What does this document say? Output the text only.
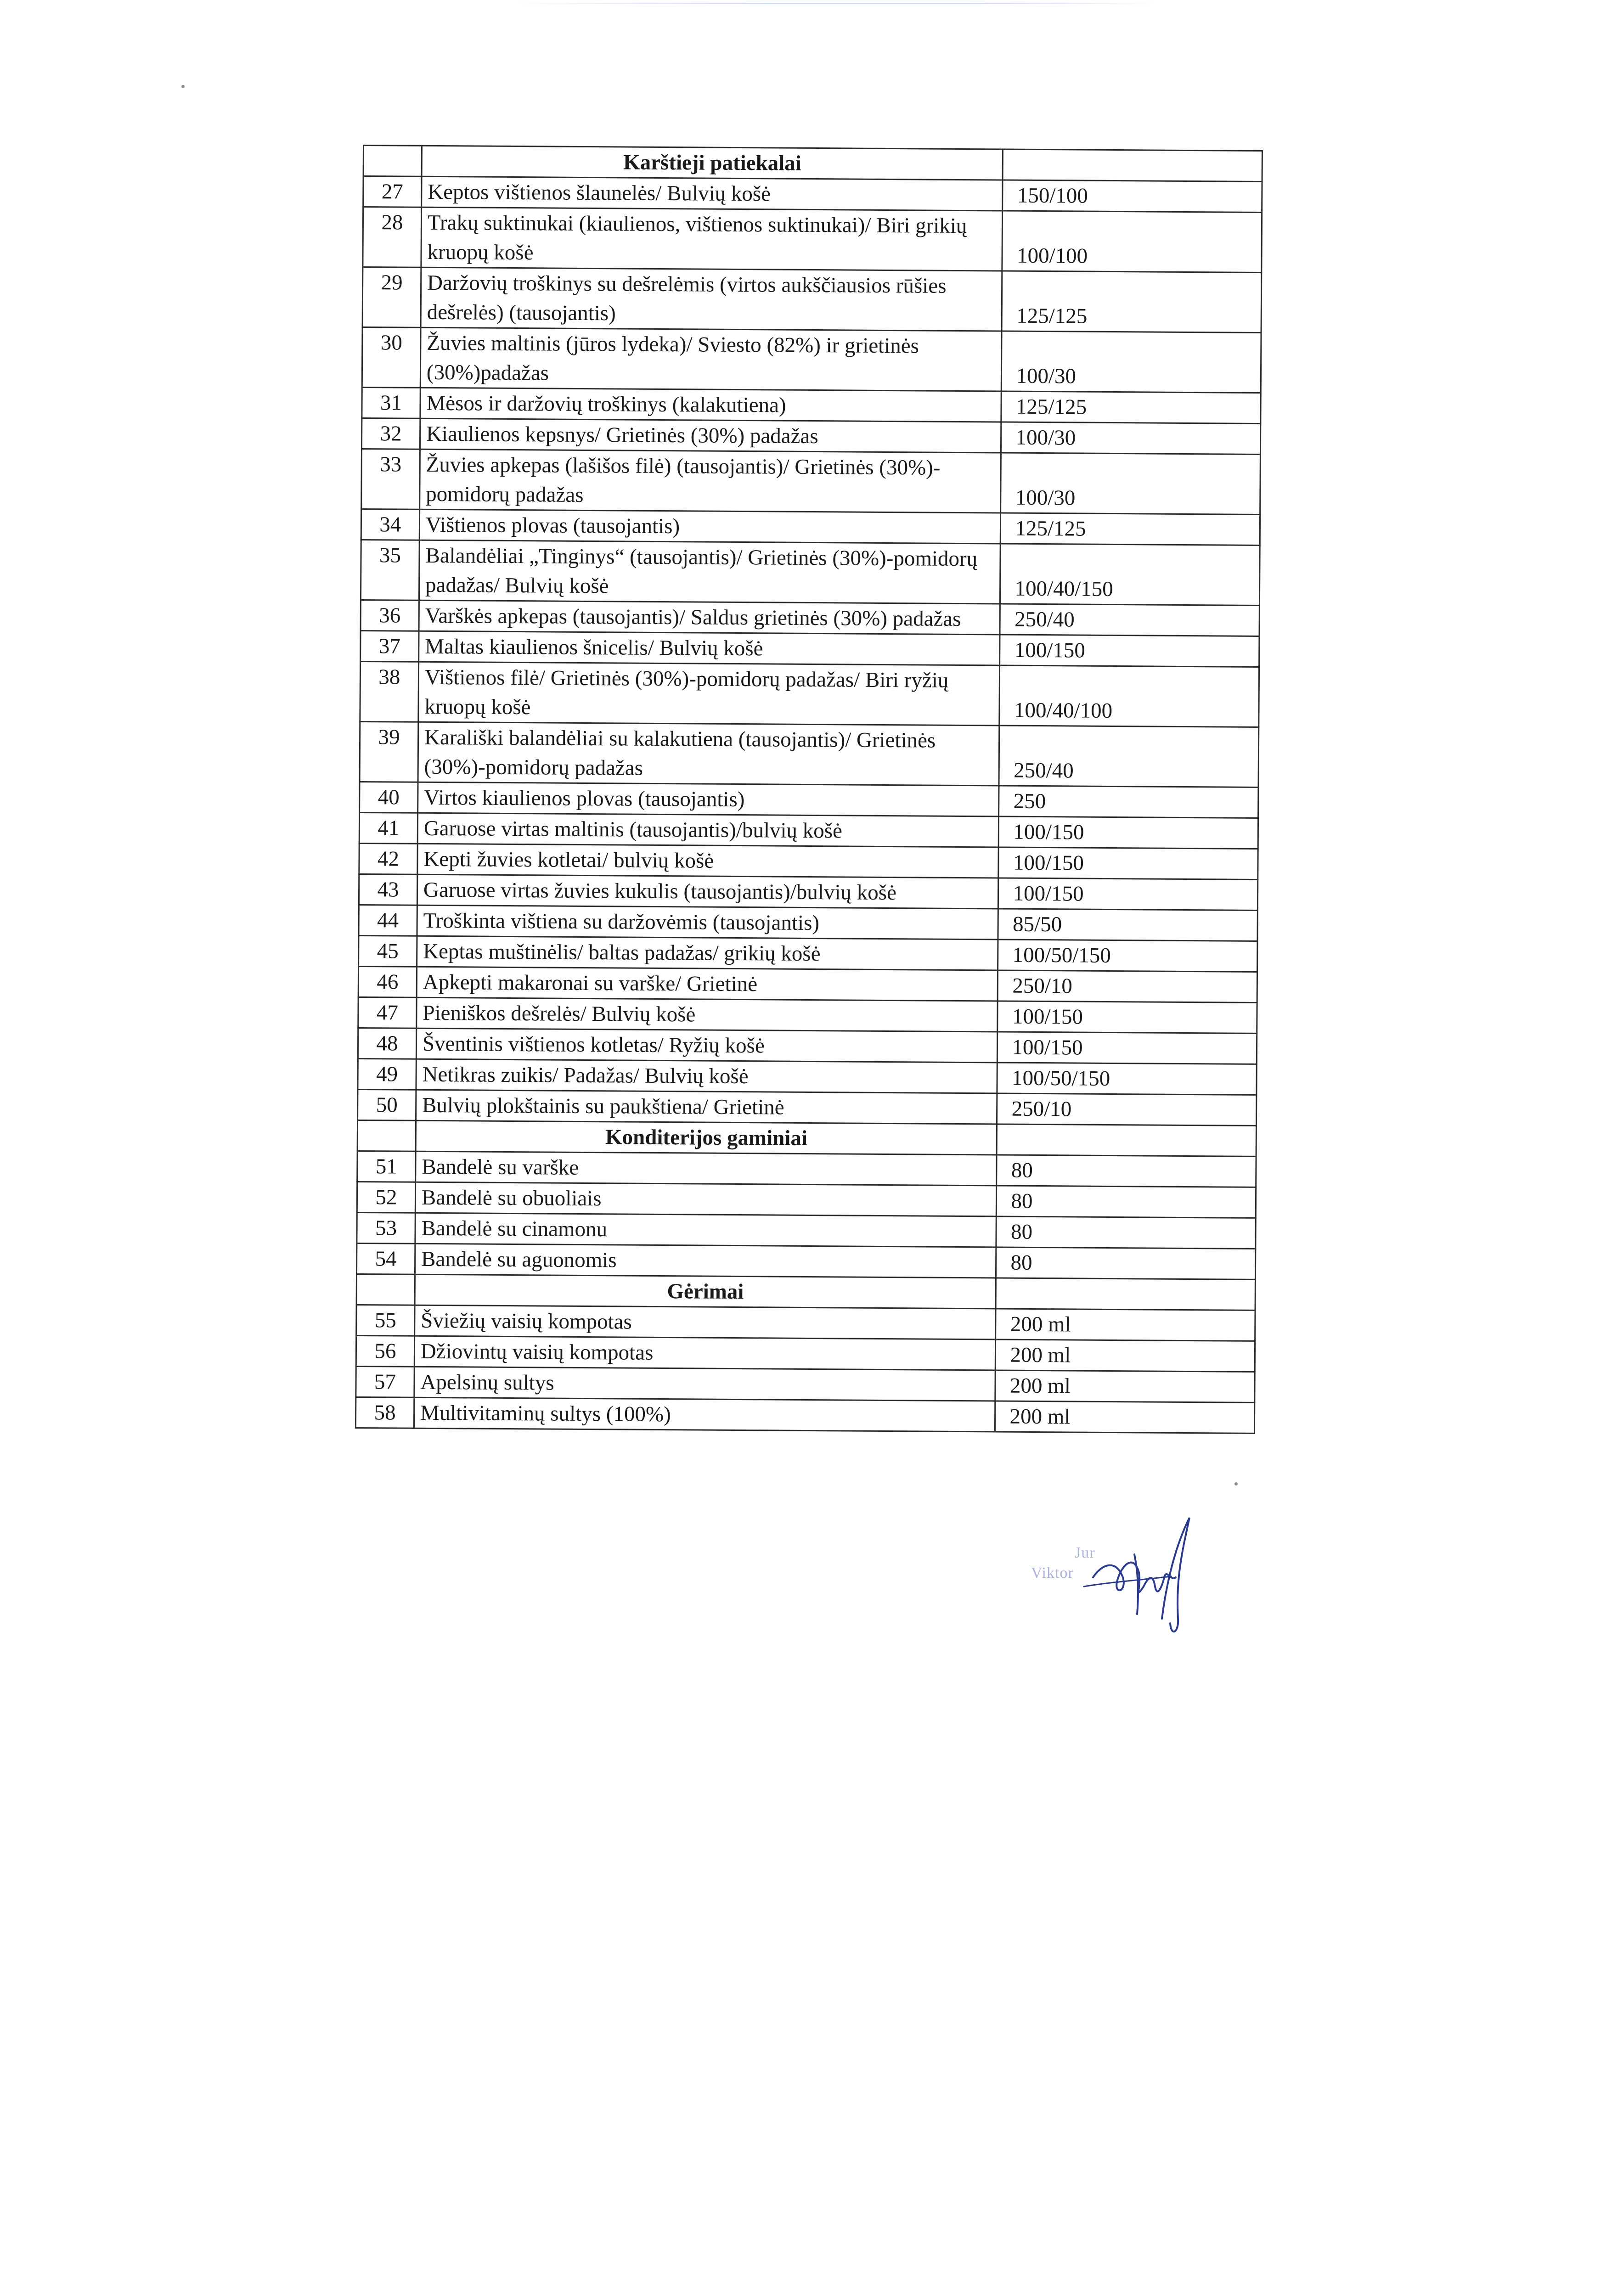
	Karštieji patiekalai	
27	Keptos vištienos šlaunelės/ Bulvių košė	150/100
28	Trakų suktinukai (kiaulienos, vištienos suktinukai)/ Biri grikių kruopų košė	100/100
29	Daržovių troškinys su dešrelėmis (virtos aukščiausios rūšies dešrelės) (tausojantis)	125/125
30	Žuvies maltinis (jūros lydeka)/ Sviesto (82%) ir grietinės (30%)padažas	100/30
31	Mėsos ir daržovių troškinys (kalakutiena)	125/125
32	Kiaulienos kepsnys/ Grietinės (30%) padažas	100/30
33	Žuvies apkepas (lašišos filė) (tausojantis)/ Grietinės (30%)-pomidorų padažas	100/30
34	Vištienos plovas (tausojantis)	125/125
35	Balandėliai „Tinginys“ (tausojantis)/ Grietinės (30%)-pomidorų padažas/ Bulvių košė	100/40/150
36	Varškės apkepas (tausojantis)/ Saldus grietinės (30%) padažas	250/40
37	Maltas kiaulienos šnicelis/ Bulvių košė	100/150
38	Vištienos filė/ Grietinės (30%)-pomidorų padažas/ Biri ryžių kruopų košė	100/40/100
39	Karališki balandėliai su kalakutiena (tausojantis)/ Grietinės (30%)-pomidorų padažas	250/40
40	Virtos kiaulienos plovas (tausojantis)	250
41	Garuose virtas maltinis (tausojantis)/bulvių košė	100/150
42	Kepti žuvies kotletai/ bulvių košė	100/150
43	Garuose virtas žuvies kukulis (tausojantis)/bulvių košė	100/150
44	Troškinta vištiena su daržovėmis (tausojantis)	85/50
45	Keptas muštinėlis/ baltas padažas/ grikių košė	100/50/150
46	Apkepti makaronai su varške/ Grietinė	250/10
47	Pieniškos dešrelės/ Bulvių košė	100/150
48	Šventinis vištienos kotletas/ Ryžių košė	100/150
49	Netikras zuikis/ Padažas/ Bulvių košė	100/50/150
50	Bulvių plokštainis su paukštiena/ Grietinė	250/10
	Konditerijos gaminiai	
51	Bandelė su varške	80
52	Bandelė su obuoliais	80
53	Bandelė su cinamonu	80
54	Bandelė su aguonomis	80
	Gėrimai	
55	Šviežių vaisių kompotas	200 ml
56	Džiovintų vaisių kompotas	200 ml
57	Apelsinų sultys	200 ml
58	Multivitaminų sultys (100%)	200 ml
Jur
Viktor
